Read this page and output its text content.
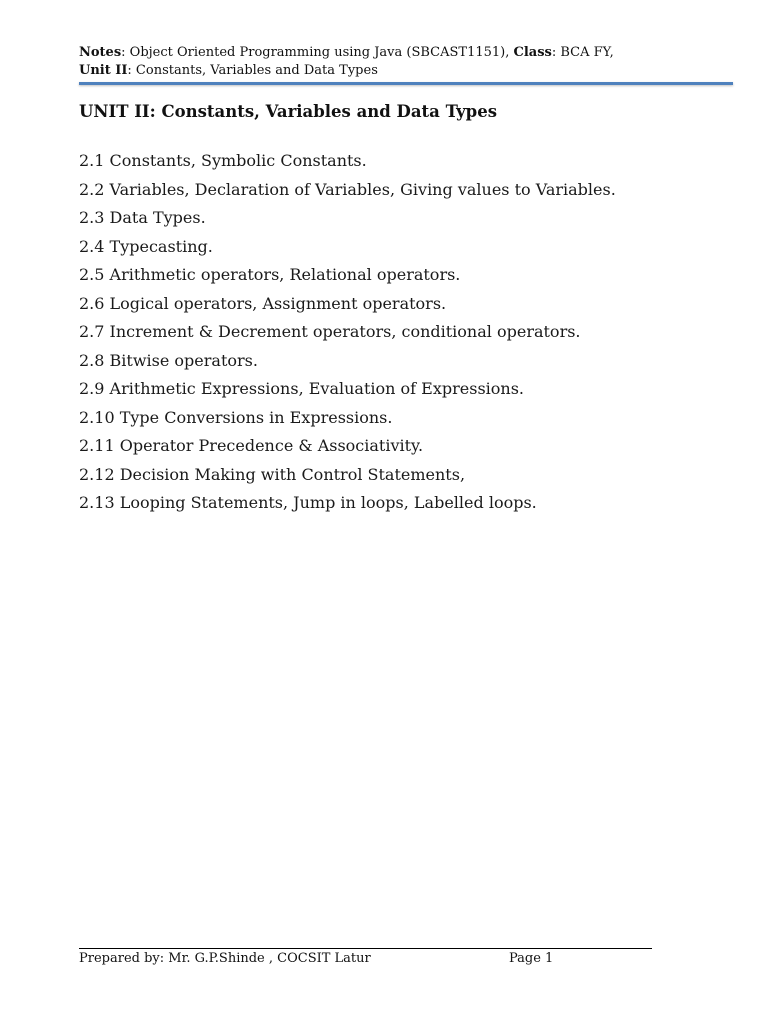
Notes: Object Oriented Programming using Java (SBCAST1151), Class: BCA FY,
Unit II: Constants, Variables and Data Types
UNIT II: Constants, Variables and Data Types
2.1 Constants, Symbolic Constants.
2.2 Variables, Declaration of Variables, Giving values to Variables.
2.3 Data Types.
2.4 Typecasting.
2.5 Arithmetic operators, Relational operators.
2.6 Logical operators, Assignment operators.
2.7 Increment & Decrement operators, conditional operators.
2.8 Bitwise operators.
2.9 Arithmetic Expressions, Evaluation of Expressions.
2.10 Type Conversions in Expressions.
2.11 Operator Precedence & Associativity.
2.12 Decision Making with Control Statements,
2.13 Looping Statements, Jump in loops, Labelled loops.
Prepared by: Mr. G.P.Shinde , COCSIT Latur	Page 1
